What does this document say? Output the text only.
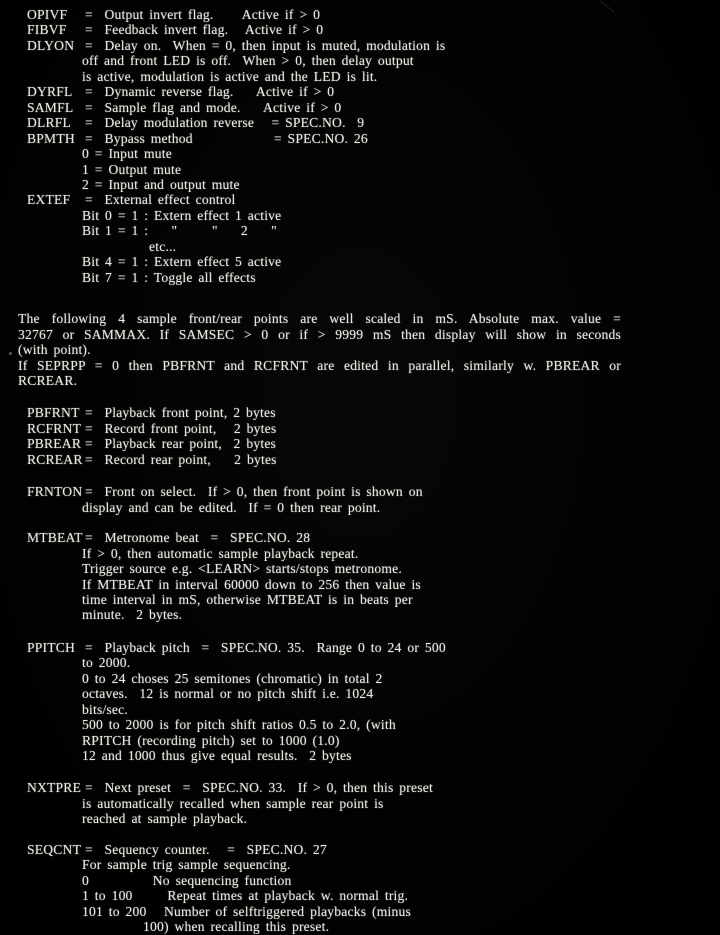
OPIVF =  Output invert flag.     Active if > 0
FIBVF =  Feedback invert flag.   Active if > 0
DLYON =  Delay on.  When = 0, then input is muted, modulation is
off and front LED is off.  When > 0, then delay output
is active, modulation is active and the LED is lit.
DYRFL =  Dynamic reverse flag.    Active if > 0
SAMFL =  Sample flag and mode.    Active if > 0
DLRFL =  Delay modulation reverse   = SPEC.NO.  9
BPMTH =  Bypass method              = SPEC.NO. 26
0 = Input mute
1 = Output mute
2 = Input and output mute
EXTEF =  External effect control
Bit 0 = 1 : Extern effect 1 active
Bit 1 = 1 :    "      "    2    "
etc...
Bit 4 = 1 : Extern effect 5 active
Bit 7 = 1 : Toggle all effects
The following 4 sample front/rear points are well scaled in mS. Absolute max. value =
32767 or SAMMAX. If SAMSEC > 0 or if > 9999 mS then display will show in seconds
(with point).
If SEPRPP = 0 then PBFRNT and RCFRNT are edited in parallel, similarly w. PBREAR or
RCREAR.
PBFRNT =  Playback front point, 2 bytes
RCFRNT =  Record front point,   2 bytes
PBREAR =  Playback rear point,  2 bytes
RCREAR =  Record rear point,    2 bytes
FRNTON =  Front on select.  If > 0, then front point is shown on
display and can be edited.  If = 0 then rear point.
MTBEAT =  Metronome beat  =  SPEC.NO. 28
If > 0, then automatic sample playback repeat.
Trigger source e.g. <LEARN> starts/stops metronome.
If MTBEAT in interval 60000 down to 256 then value is
time interval in mS, otherwise MTBEAT is in beats per
minute.  2 bytes.
PPITCH =  Playback pitch  =  SPEC.NO. 35.  Range 0 to 24 or 500
to 2000.
0 to 24 choses 25 semitones (chromatic) in total 2
octaves.  12 is normal or no pitch shift i.e. 1024
bits/sec.
500 to 2000 is for pitch shift ratios 0.5 to 2.0, (with
RPITCH (recording pitch) set to 1000 (1.0)
12 and 1000 thus give equal results.  2 bytes
NXTPRE =  Next preset  =  SPEC.NO. 33.  If > 0, then this preset
is automatically recalled when sample rear point is
reached at sample playback.
SEQCNT =  Sequency counter.   =  SPEC.NO. 27
For sample trig sample sequencing.
0           No sequencing function
1 to 100      Repeat times at playback w. normal trig.
101 to 200   Number of selftriggered playbacks (minus
100) when recalling this preset.
